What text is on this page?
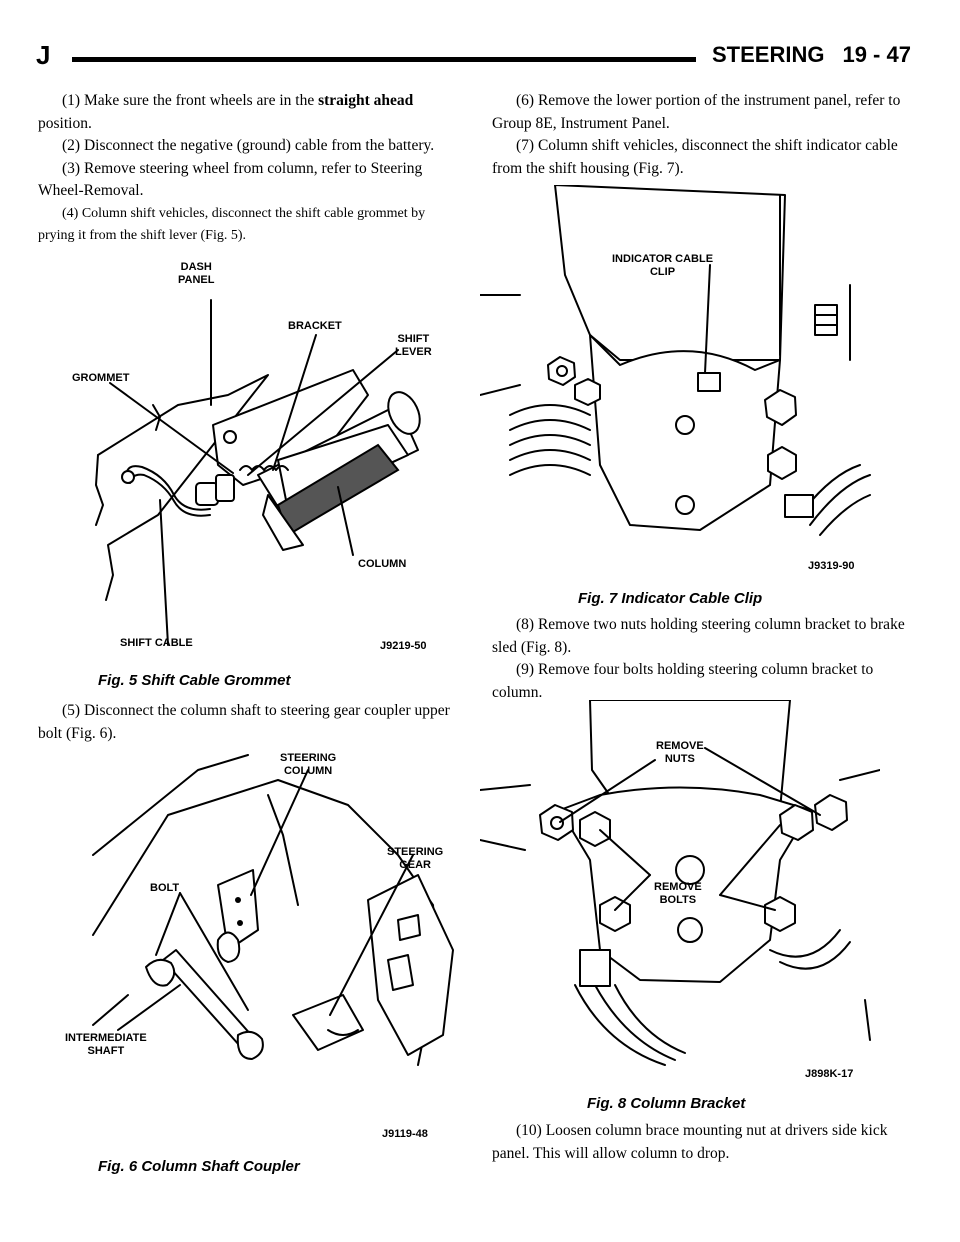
J	STEERING 19 - 47

(1) Make sure the front wheels are in the straight ahead position.

(2) Disconnect the negative (ground) cable from the battery.

(3) Remove steering wheel from column, refer to Steering Wheel-Removal.

(4) Column shift vehicles, disconnect the shift cable grommet by prying it from the shift lever (Fig. 5).

DASH
PANEL
BRACKET
SHIFT
LEVER
GROMMET
COLUMN
SHIFT CABLE	J9219-50
Fig. 5 Shift Cable Grommet

(5) Disconnect the column shaft to steering gear coupler upper bolt (Fig. 6).

STEERING
COLUMN
STEERING
GEAR
BOLT
INTERMEDIATE
SHAFT
J9119-48
Fig. 6 Column Shaft Coupler

(6) Remove the lower portion of the instrument panel, refer to Group 8E, Instrument Panel.

(7) Column shift vehicles, disconnect the shift indicator cable from the shift housing (Fig. 7).

INDICATOR CABLE
CLIP
J9319-90
Fig. 7 Indicator Cable Clip

(8) Remove two nuts holding steering column bracket to brake sled (Fig. 8).

(9) Remove four bolts holding steering column bracket to column.

REMOVE
NUTS
REMOVE
BOLTS
J898K-17
Fig. 8 Column Bracket

(10) Loosen column brace mounting nut at drivers side kick panel. This will allow column to drop.
